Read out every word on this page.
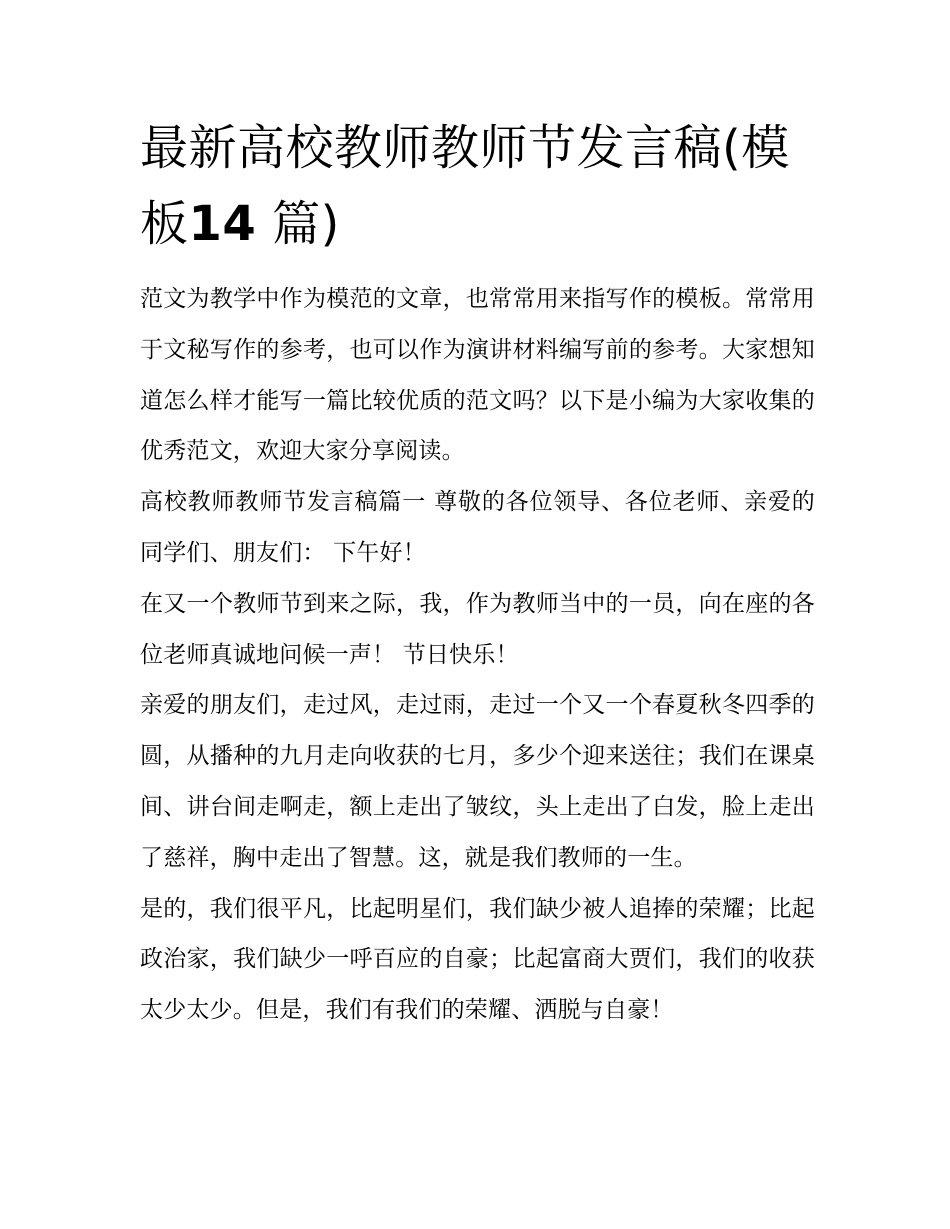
最新高校教师教师节发言稿(模板14 篇)

范文为教学中作为模范的文章，也常常用来指写作的模板。常常用于文秘写作的参考，也可以作为演讲材料编写前的参考。大家想知道怎么样才能写一篇比较优质的范文吗？以下是小编为大家收集的优秀范文，欢迎大家分享阅读。

高校教师教师节发言稿篇一 尊敬的各位领导、各位老师、亲爱的同学们、朋友们： 下午好！

在又一个教师节到来之际，我，作为教师当中的一员，向在座的各位老师真诚地问候一声！ 节日快乐！

亲爱的朋友们，走过风，走过雨，走过一个又一个春夏秋冬四季的圆，从播种的九月走向收获的七月，多少个迎来送往；我们在课桌间、讲台间走啊走，额上走出了皱纹，头上走出了白发，脸上走出了慈祥，胸中走出了智慧。这，就是我们教师的一生。

是的，我们很平凡，比起明星们，我们缺少被人追捧的荣耀；比起政治家，我们缺少一呼百应的自豪；比起富商大贾们，我们的收获太少太少。但是，我们有我们的荣耀、洒脱与自豪！
